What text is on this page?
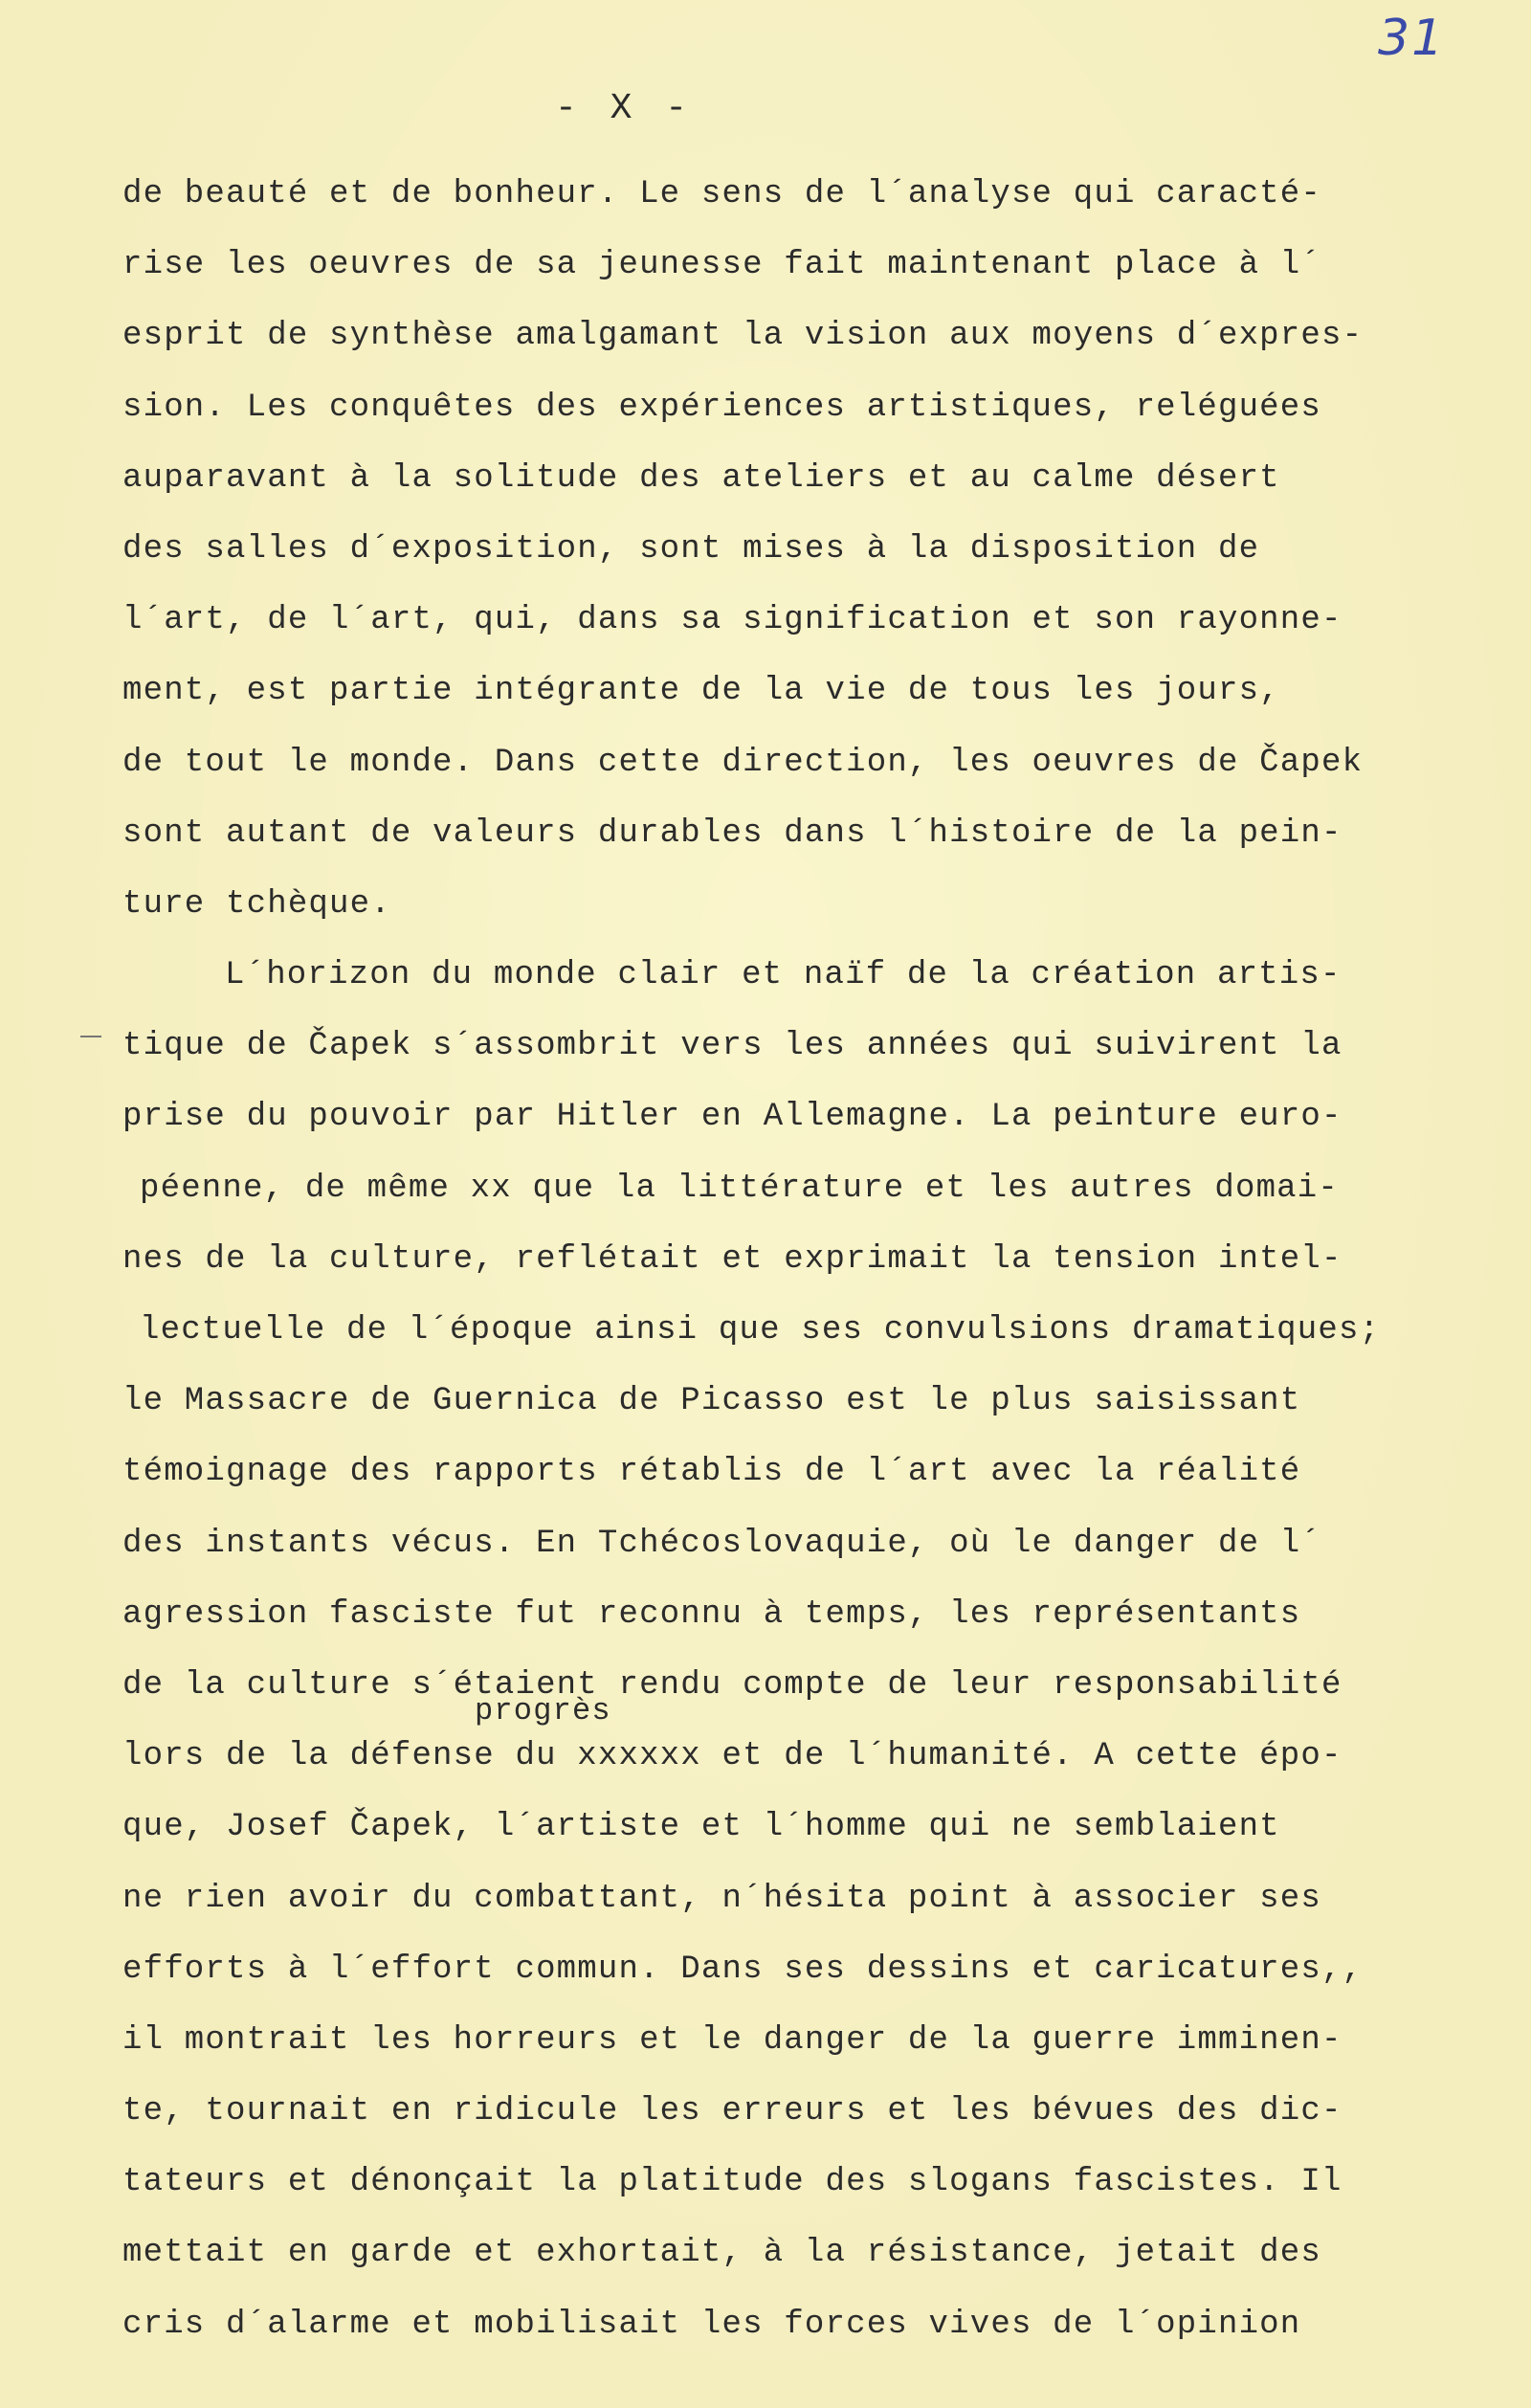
31
- X -
de beauté et de bonheur. Le sens de l´analyse qui caracté-
rise les oeuvres de sa jeunesse fait maintenant place à l´
esprit de synthèse amalgamant la vision aux moyens d´expres-
sion. Les conquêtes des expériences artistiques, reléguées
auparavant à la solitude des ateliers et au calme désert
des salles d´exposition, sont mises à la disposition de
l´art, de l´art, qui, dans sa signification et son rayonne-
ment, est partie intégrante de la vie de tous les jours,
de tout le monde. Dans cette direction, les oeuvres de Čapek
sont autant de valeurs durables dans l´histoire de la pein-
ture tchèque.
L´horizon du monde clair et naïf de la création artis-
tique de Čapek s´assombrit vers les années qui suivirent la
prise du pouvoir par Hitler en Allemagne. La peinture euro-
péenne, de même xx que la littérature et les autres domai-
nes de la culture, reflétait et exprimait la tension intel-
lectuelle de l´époque ainsi que ses convulsions dramatiques;
le Massacre de Guernica de Picasso est le plus saisissant
témoignage des rapports rétablis de l´art avec la réalité
des instants vécus. En Tchécoslovaquie, où le danger de l´
agression fasciste fut reconnu à temps, les représentants
de la culture s´étaient rendu compte de leur responsabilité
lors de la défense du xxxxxx et de l´humanité. A cette épo-
que, Josef Čapek, l´artiste et l´homme qui ne semblaient
ne rien avoir du combattant, n´hésita point à associer ses
efforts à l´effort commun. Dans ses dessins et caricatures,,
il montrait les horreurs et le danger de la guerre imminen-
te, tournait en ridicule les erreurs et les bévues des dic-
tateurs et dénonçait la platitude des slogans fascistes. Il
mettait en garde et exhortait, à la résistance, jetait des
cris d´alarme et mobilisait les forces vives de l´opinion
progrès
